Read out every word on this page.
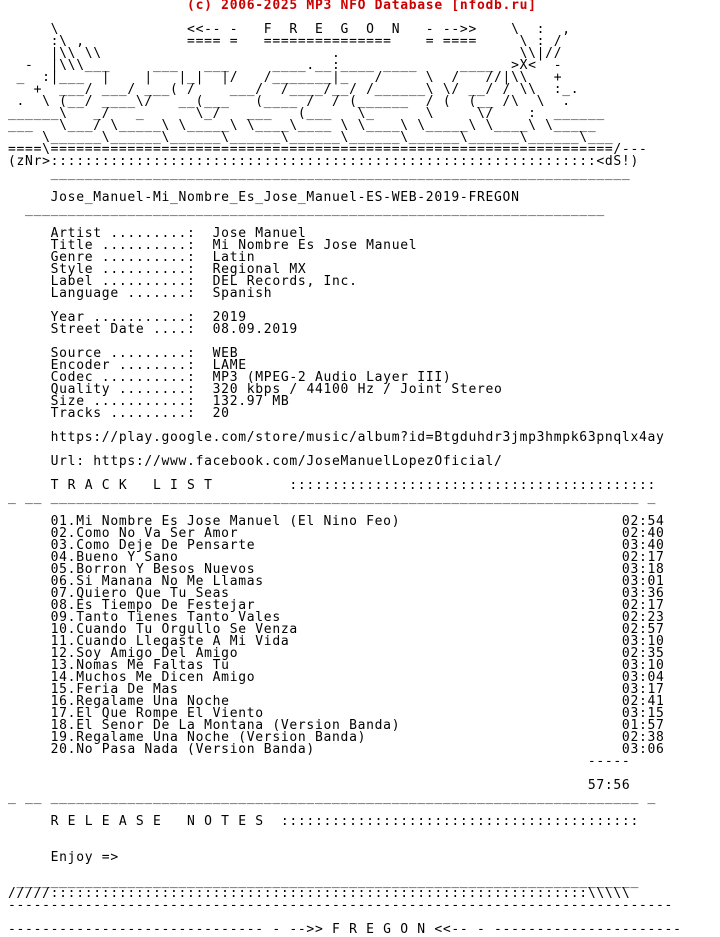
(c) 2006-2025 MP3 NFO Database [nfodb.ru]
\               <<-- -   F  R  E  G  O  N   - -->>    \  :  ,
:\ ,            ==== =   ===============    = ====     \ : /
|\\ \\                           .                     \\|//
-  |\\\___     ___   ___     ____.__:____ ____     ____  >X<  -
_  :|___  |    |   |_|  |/   /_______|_   /     \  /   //|\\   +
+  ___/ ___/ ___( /    ___/  /____/__/ /______\ \/ __/ / \\  :_.
.  \ (__/ ____\/   __(___   (____ /  / (______  / (  (__ /\  \  .
______\   _/   _      \_/   ___   (___   \_      \     \/    :  ______
___   \___/ \_____\ \_____\ \____\____ \ \____\ \_____\ \____\ \_____
\______\______\______\______\______\______\______\______\______\___
====\==================================================================/---
(zNr>::::::::::::::::::::::::::::::::::::::::::::::::::::::::::::::::<dS!)
____________________________________________________________________
Jose_Manuel-Mi_Nombre_Es_Jose_Manuel-ES-WEB-2019-FREGON
____________________________________________________________________
Artist .........:  Jose Manuel
Title ..........:  Mi Nombre Es Jose Manuel
Genre ..........:  Latin
Style ..........:  Regional MX
Label ..........:  DEL Records, Inc.
Language .......:  Spanish
Year ...........:  2019
Street Date ....:  08.09.2019
Source .........:  WEB
Encoder ........:  LAME
Codec ..........:  MP3 (MPEG-2 Audio Layer III)
Quality ........:  320 kbps / 44100 Hz / Joint Stereo
Size ...........:  132.97 MB
Tracks .........:  20
https://play.google.com/store/music/album?id=Btgduhdr3jmp3hmpk63pnqlx4ay
Url: https://www.facebook.com/JoseManuelLopezOficial/
T R A C K   L I S T         :::::::::::::::::::::::::::::::::::::::::::
_ __ _____________________________________________________________________ _
01.Mi Nombre Es Jose Manuel (El Nino Feo)                          02:54
02.Como No Va Ser Amor                                             02:40
03.Como Deje De Pensarte                                           03:40
04.Bueno Y Sano                                                    02:17
05.Borron Y Besos Nuevos                                           03:18
06.Si Manana No Me Llamas                                          03:01
07.Quiero Que Tu Seas                                              03:36
08.Es Tiempo De Festejar                                           02:17
09.Tanto Tienes Tanto Vales                                        02:23
10.Cuando Tu Orgullo Se Venza                                      02:57
11.Cuando Llegaste A Mi Vida                                       03:10
12.Soy Amigo Del Amigo                                             02:35
13.Nomas Me Faltas Tu                                              03:10
14.Muchos Me Dicen Amigo                                           03:04
15.Feria De Mas                                                    03:17
16.Regalame Una Noche                                              02:41
17.El Que Rompe El Viento                                          03:15
18.El Senor De La Montana (Version Banda)                          01:57
19.Regalame Una Noche (Version Banda)                              02:38
20.No Pasa Nada (Version Banda)                                    03:06
-----
57:56
_ __ _____________________________________________________________________ _
R E L E A S E   N O T E S  ::::::::::::::::::::::::::::::::::::::::::
Enjoy =>
_________________________________________________________________________
/////:::::::::::::::::::::::::::::::::::::::::::::::::::::::::::::::\\\\\
------------------------------------------------------------------------------
------------------------------ - -->> F R E G O N <<-- - ----------------------
